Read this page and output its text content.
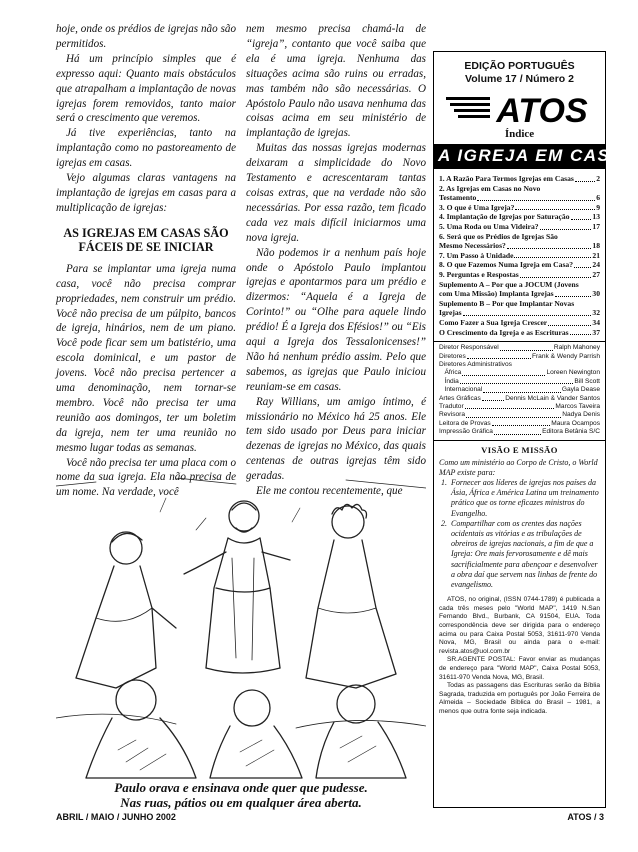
hoje, onde os prédios de igrejas não são permitidos.

Há um princípio simples que é expresso aqui: Quanto mais obstáculos que atrapalham a implantação de novas igrejas forem removidos, tanto maior será o crescimento que veremos.

Já tive experiências, tanto na implantação como no pastoreamento de igrejas em casas.

Vejo algumas claras vantagens na implantação de igrejas em casas para a multiplicação de igrejas:

AS IGREJAS EM CASAS SÃO FÁCEIS DE SE INICIAR

Para se implantar uma igreja numa casa, você não precisa comprar propriedades, nem construir um prédio. Você não precisa de um púlpito, bancos de igreja, hinários, nem de um piano. Você pode ficar sem um batistério, uma escola dominical, e um pastor de jovens. Você não precisa pertencer a uma denominação, nem tornar-se membro. Você não precisa ter uma reunião aos domingos, ter um boletim da igreja, nem ter uma reunião no mesmo lugar todas as semanas.

Você não precisa ter uma placa com o nome da sua igreja. Ela não precisa de um nome. Na verdade, você

nem mesmo precisa chamá-la de “igreja”, contanto que você saiba que ela é uma igreja. Nenhuma das situações acima são ruins ou erradas, mas também não são necessárias. O Apóstolo Paulo não usava nenhuma das coisas acima em seu ministério de implantação de igrejas.

Muitas das nossas igrejas modernas deixaram a simplicidade do Novo Testamento e acrescentaram tantas coisas extras, que na verdade não são necessárias. Por essa razão, tem ficado cada vez mais difícil iniciarmos uma nova igreja.

Não podemos ir a nenhum país hoje onde o Apóstolo Paulo implantou igrejas e apontarmos para um prédio e dizermos: “Aquela é a Igreja de Corinto!” ou “Olhe para aquele lindo prédio! É a Igreja dos Efésios!” ou “Eis aqui a Igreja dos Tessalonicenses!” Não há nenhum prédio assim. Pelo que sabemos, as igrejas que Paulo iniciou reuniam-se em casas.

Ray Willians, um amigo íntimo, é missionário no México há 25 anos. Ele tem sido usado por Deus para iniciar dezenas de igrejas no México, das quais centenas de outras igrejas têm sido geradas.

Ele me contou recentemente, que

Paulo orava e ensinava onde quer que pudesse.
Nas ruas, pátios ou em qualquer área aberta.
EDIÇÃO PORTUGUÊS
Volume 17 / Número 2
ATOS
Índice
A IGREJA EM CASAS
1. A Razão Para Termos Igrejas em Casas	2
2. As Igrejas em Casas no Novo
Testamento	6
3. O que é Uma Igreja?	9
4. Implantação de Igrejas por Saturação	13
5. Uma Roda ou Uma Videira?	17
6. Será que os Prédios de Igrejas São
Mesmo Necessários?	18
7. Um Passo à Unidade	21
8. O que Fazemos Numa Igreja em Casa?	24
9. Perguntas e Respostas	27
Suplemento A – Por que a JOCUM (Jovens
com Uma Missão) Implanta Igrejas	30
Suplemento B – Por que Implantar Novas
Igrejas	32
Como Fazer a Sua Igreja Crescer	34
O Crescimento da Igreja e as Escrituras	37
Diretor Responsável	Ralph Mahoney
Diretores	Frank & Wendy Parrish
Diretores Administrativos
África	Loreen Newington
Índia	Bill Scott
Internacional	Gayla Dease
Artes Gráficas	Dennis McLain & Vander Santos
Tradutor	Marcos Taveira
Revisora	Nadya Denis
Leitora de Provas	Maura Ocampos
Impressão Gráfica	Editora Betânia S/C
VISÃO E MISSÃO

Como um ministério ao Corpo de Cristo, o World MAP existe para:

1. Fornecer aos líderes de igrejas nos países da Ásia, África e América Latina um treinamento prático que os torne eficazes ministros do Evangelho.
2. Compartilhar com os crentes das nações ocidentais as vitórias e as tribulações de obreiros de igrejas nacionais, a fim de que a Igreja: Ore mais fervorosamente e dê mais sacrificialmente para abençoar e desenvolver a obra daí que servem nas linhas de frente do evangelismo.

ATOS, no original, (ISSN 0744-1789) é publicada a cada três meses pelo "World MAP", 1419 N.San Fernando Blvd., Burbank, CA 91504, EUA. Toda correspondência deve ser dirigida para o endereço acima ou para Caixa Postal 5053, 31611-970 Venda Nova, MG, Brasil ou ainda para o e-mail: revista.atos@uol.com.br

SR.AGENTE POSTAL: Favor enviar as mudanças de endereço para "World MAP", Caixa Postal 5053, 31611-970 Venda Nova, MG, Brasil.

Todas as passagens das Escrituras serão da Bíblia Sagrada, traduzida em português por João Ferreira de Almeida – Sociedade Bíblica do Brasil – 1981, a menos que outra fonte seja indicada.

ABRIL / MAIO / JUNHO 2002	ATOS / 3
